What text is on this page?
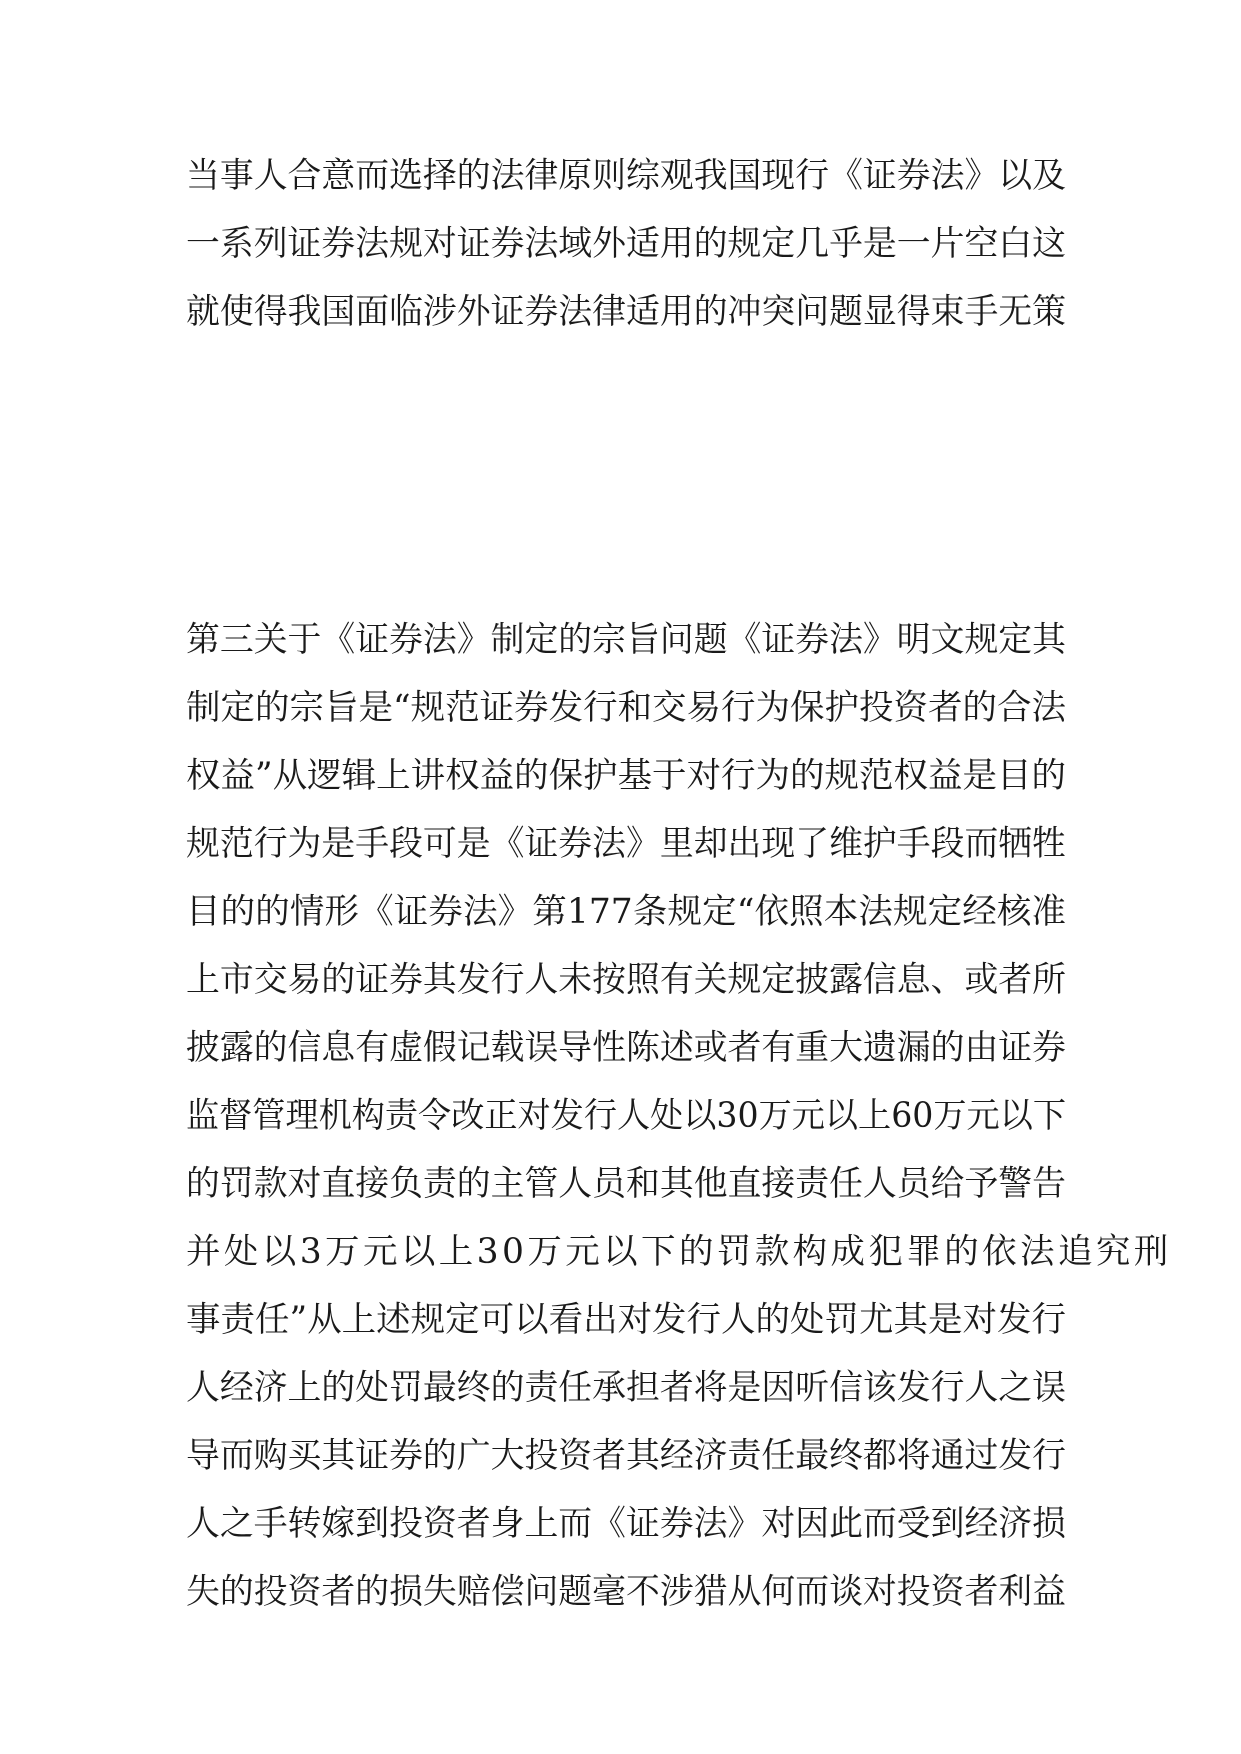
当事人合意而选择的法律原则综观我国现行《证券法》以及
一系列证券法规对证券法域外适用的规定几乎是一片空白这
就使得我国面临涉外证券法律适用的冲突问题显得束手无策
第三关于《证券法》制定的宗旨问题《证券法》明文规定其
制定的宗旨是“规范证券发行和交易行为保护投资者的合法
权益”从逻辑上讲权益的保护基于对行为的规范权益是目的
规范行为是手段可是《证券法》里却出现了维护手段而牺牲
目的的情形《证券法》第177条规定“依照本法规定经核准
上市交易的证券其发行人未按照有关规定披露信息、或者所
披露的信息有虚假记载误导性陈述或者有重大遗漏的由证券
监督管理机构责令改正对发行人处以30万元以上60万元以下
的罚款对直接负责的主管人员和其他直接责任人员给予警告
并处以3万元以上30万元以下的罚款构成犯罪的依法追究刑
事责任”从上述规定可以看出对发行人的处罚尤其是对发行
人经济上的处罚最终的责任承担者将是因听信该发行人之误
导而购买其证券的广大投资者其经济责任最终都将通过发行
人之手转嫁到投资者身上而《证券法》对因此而受到经济损
失的投资者的损失赔偿问题毫不涉猎从何而谈对投资者利益
